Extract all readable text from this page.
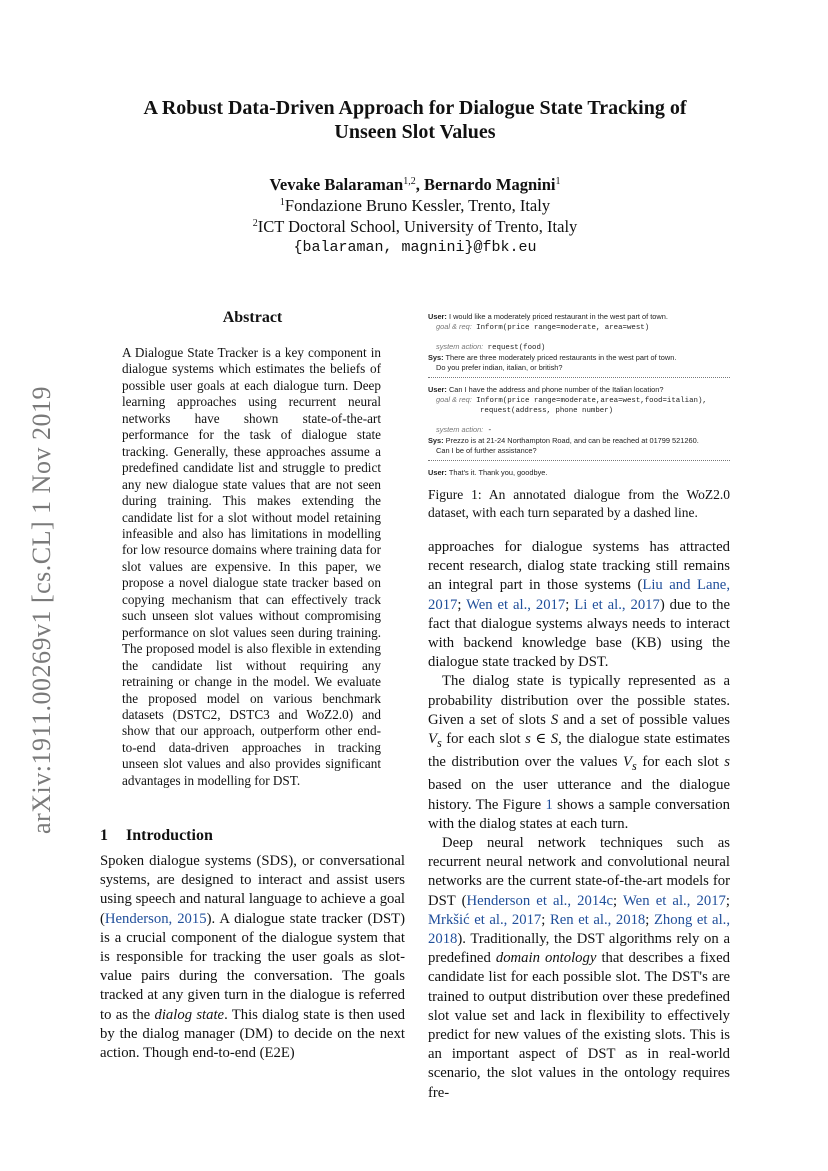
arXiv:1911.00269v1 [cs.CL] 1 Nov 2019
A Robust Data-Driven Approach for Dialogue State Tracking of
Unseen Slot Values
Vevake Balaraman$^{1,2}$, Bernardo Magnini$^1$
$^1$Fondazione Bruno Kessler, Trento, Italy
$^2$ICT Doctoral School, University of Trento, Italy
{balaraman, magnini}@fbk.eu
Abstract

A Dialogue State Tracker is a key component in dialogue systems which estimates the beliefs of possible user goals at each dialogue turn. Deep learning approaches using recurrent neural networks have shown state-of-the-art performance for the task of dialogue state tracking. Generally, these approaches assume a predefined candidate list and struggle to predict any new dialogue state values that are not seen during training. This makes extending the candidate list for a slot without model retaining infeasible and also has limitations in modelling for low resource domains where training data for slot values are expensive. In this paper, we propose a novel dialogue state tracker based on copying mechanism that can effectively track such unseen slot values without compromising performance on slot values seen during training. The proposed model is also flexible in extending the candidate list without requiring any retraining or change in the model. We evaluate the proposed model on various benchmark datasets (DSTC2, DSTC3 and WoZ2.0) and show that our approach, outperform other end-to-end data-driven approaches in tracking unseen slot values and also provides significant advantages in modelling for DST.

1 Introduction

Spoken dialogue systems (SDS), or conversational systems, are designed to interact and assist users using speech and natural language to achieve a goal (Henderson, 2015). A dialogue state tracker (DST) is a crucial component of the dialogue system that is responsible for tracking the user goals as slot-value pairs during the conversation. The goals tracked at any given turn in the dialogue is referred to as the dialog state. This dialog state is then used by the dialog manager (DM) to decide on the next action. Though end-to-end (E2E)

User: I would like a moderately priced restaurant in the west part of town.
goal & req: Inform(price range=moderate, area=west)
system action: request(food)
Sys: There are three moderately priced restaurants in the west part of town.
Do you prefer indian, italian, or british?
User: Can I have the address and phone number of the Italian location?
goal & req: Inform(price range=moderate,area=west,food=italian),
request(address, phone number)
system action: -
Sys: Prezzo is at 21-24 Northampton Road, and can be reached at 01799 521260.
Can I be of further assistance?
User: That's it. Thank you, goodbye.

Figure 1: An annotated dialogue from the WoZ2.0 dataset, with each turn separated by a dashed line.

approaches for dialogue systems has attracted recent research, dialog state tracking still remains an integral part in those systems (Liu and Lane, 2017; Wen et al., 2017; Li et al., 2017) due to the fact that dialogue systems always needs to interact with backend knowledge base (KB) using the dialogue state tracked by DST.

The dialog state is typically represented as a probability distribution over the possible states. Given a set of slots S and a set of possible values $V_s$ for each slot s ∈ S, the dialogue state estimates the distribution over the values $V_s$ for each slot s based on the user utterance and the dialogue history. The Figure 1 shows a sample conversation with the dialog states at each turn.

Deep neural network techniques such as recurrent neural network and convolutional neural networks are the current state-of-the-art models for DST (Henderson et al., 2014c; Wen et al., 2017; Mrkšić et al., 2017; Ren et al., 2018; Zhong et al., 2018). Traditionally, the DST algorithms rely on a predefined domain ontology that describes a fixed candidate list for each possible slot. The DST's are trained to output distribution over these predefined slot value set and lack in flexibility to effectively predict for new values of the existing slots. This is an important aspect of DST as in real-world scenario, the slot values in the ontology requires fre-
